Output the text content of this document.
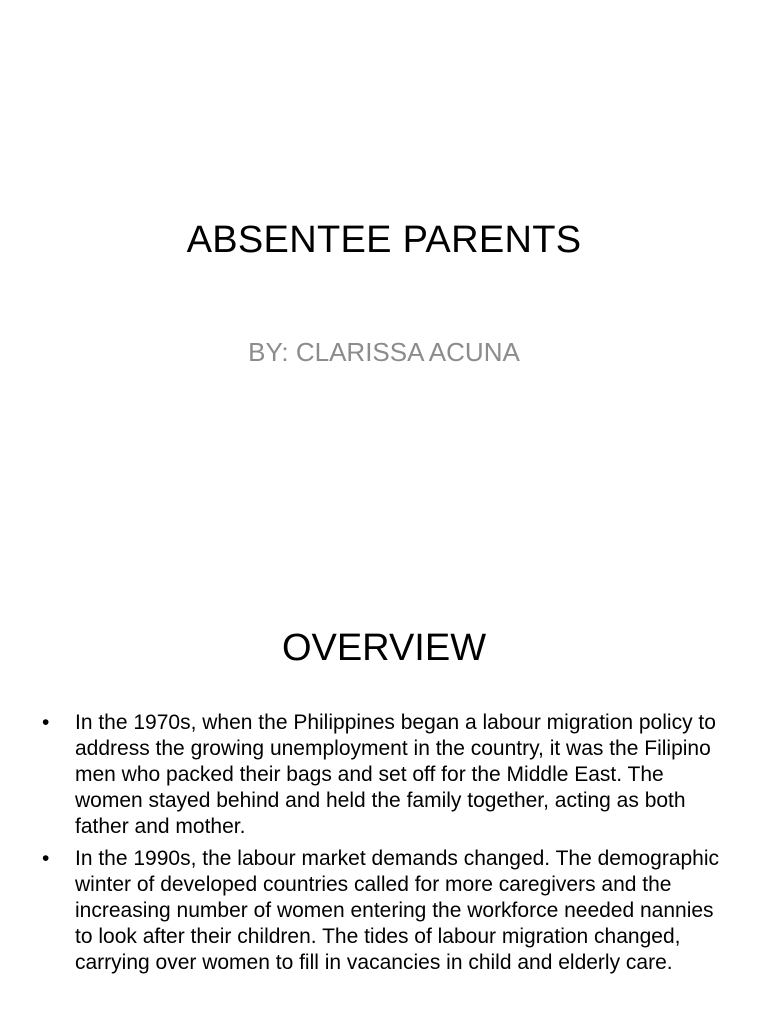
ABSENTEE PARENTS
BY: CLARISSA ACUNA
OVERVIEW
• In the 1970s, when the Philippines began a labour migration policy to address the growing unemployment in the country, it was the Filipino men who packed their bags and set off for the Middle East. The women stayed behind and held the family together, acting as both father and mother.
• In the 1990s, the labour market demands changed. The demographic winter of developed countries called for more caregivers and the increasing number of women entering the workforce needed nannies to look after their children. The tides of labour migration changed, carrying over women to fill in vacancies in child and elderly care.
